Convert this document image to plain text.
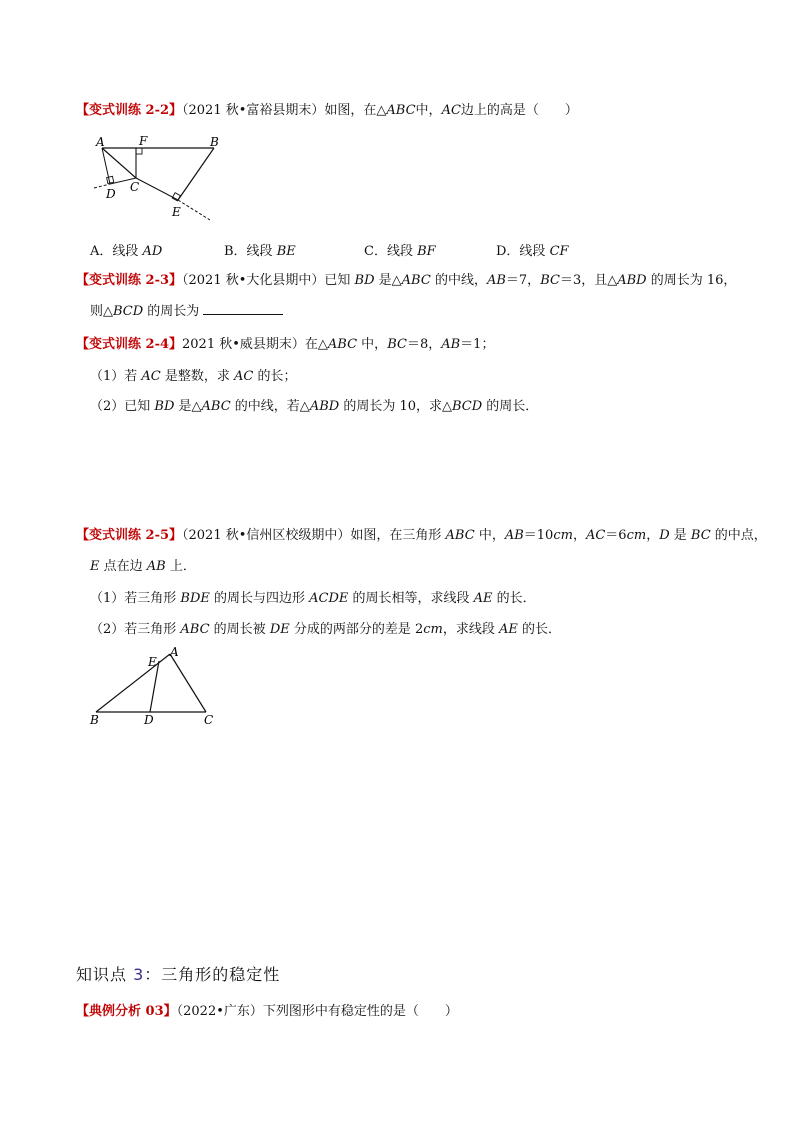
【变式训练 2-2】（2021 秋•富裕县期末）如图，在△ABC中，AC边上的高是（　　）
A	F	B
C
D
E
A．线段 AD	B．线段 BE	C．线段 BF	D．线段 CF
【变式训练 2-3】（2021 秋•大化县期中）已知 BD 是△ABC 的中线，AB＝7，BC＝3，且△ABD 的周长为 16，
则△BCD 的周长为
【变式训练 2-4】2021 秋•威县期末）在△ABC 中，BC＝8，AB＝1；
（1）若 AC 是整数，求 AC 的长；
（2）已知 BD 是△ABC 的中线，若△ABD 的周长为 10，求△BCD 的周长．
【变式训练 2-5】（2021 秋•信州区校级期中）如图，在三角形 ABC 中，AB＝10cm，AC＝6cm，D 是 BC 的中点，
E 点在边 AB 上．
（1）若三角形 BDE 的周长与四边形 ACDE 的周长相等，求线段 AE 的长．
（2）若三角形 ABC 的周长被 DE 分成的两部分的差是 2cm，求线段 AE 的长．
E
A
B	D	C
知识点 3：三角形的稳定性
【典例分析 03】（2022•广东）下列图形中有稳定性的是（　　）
